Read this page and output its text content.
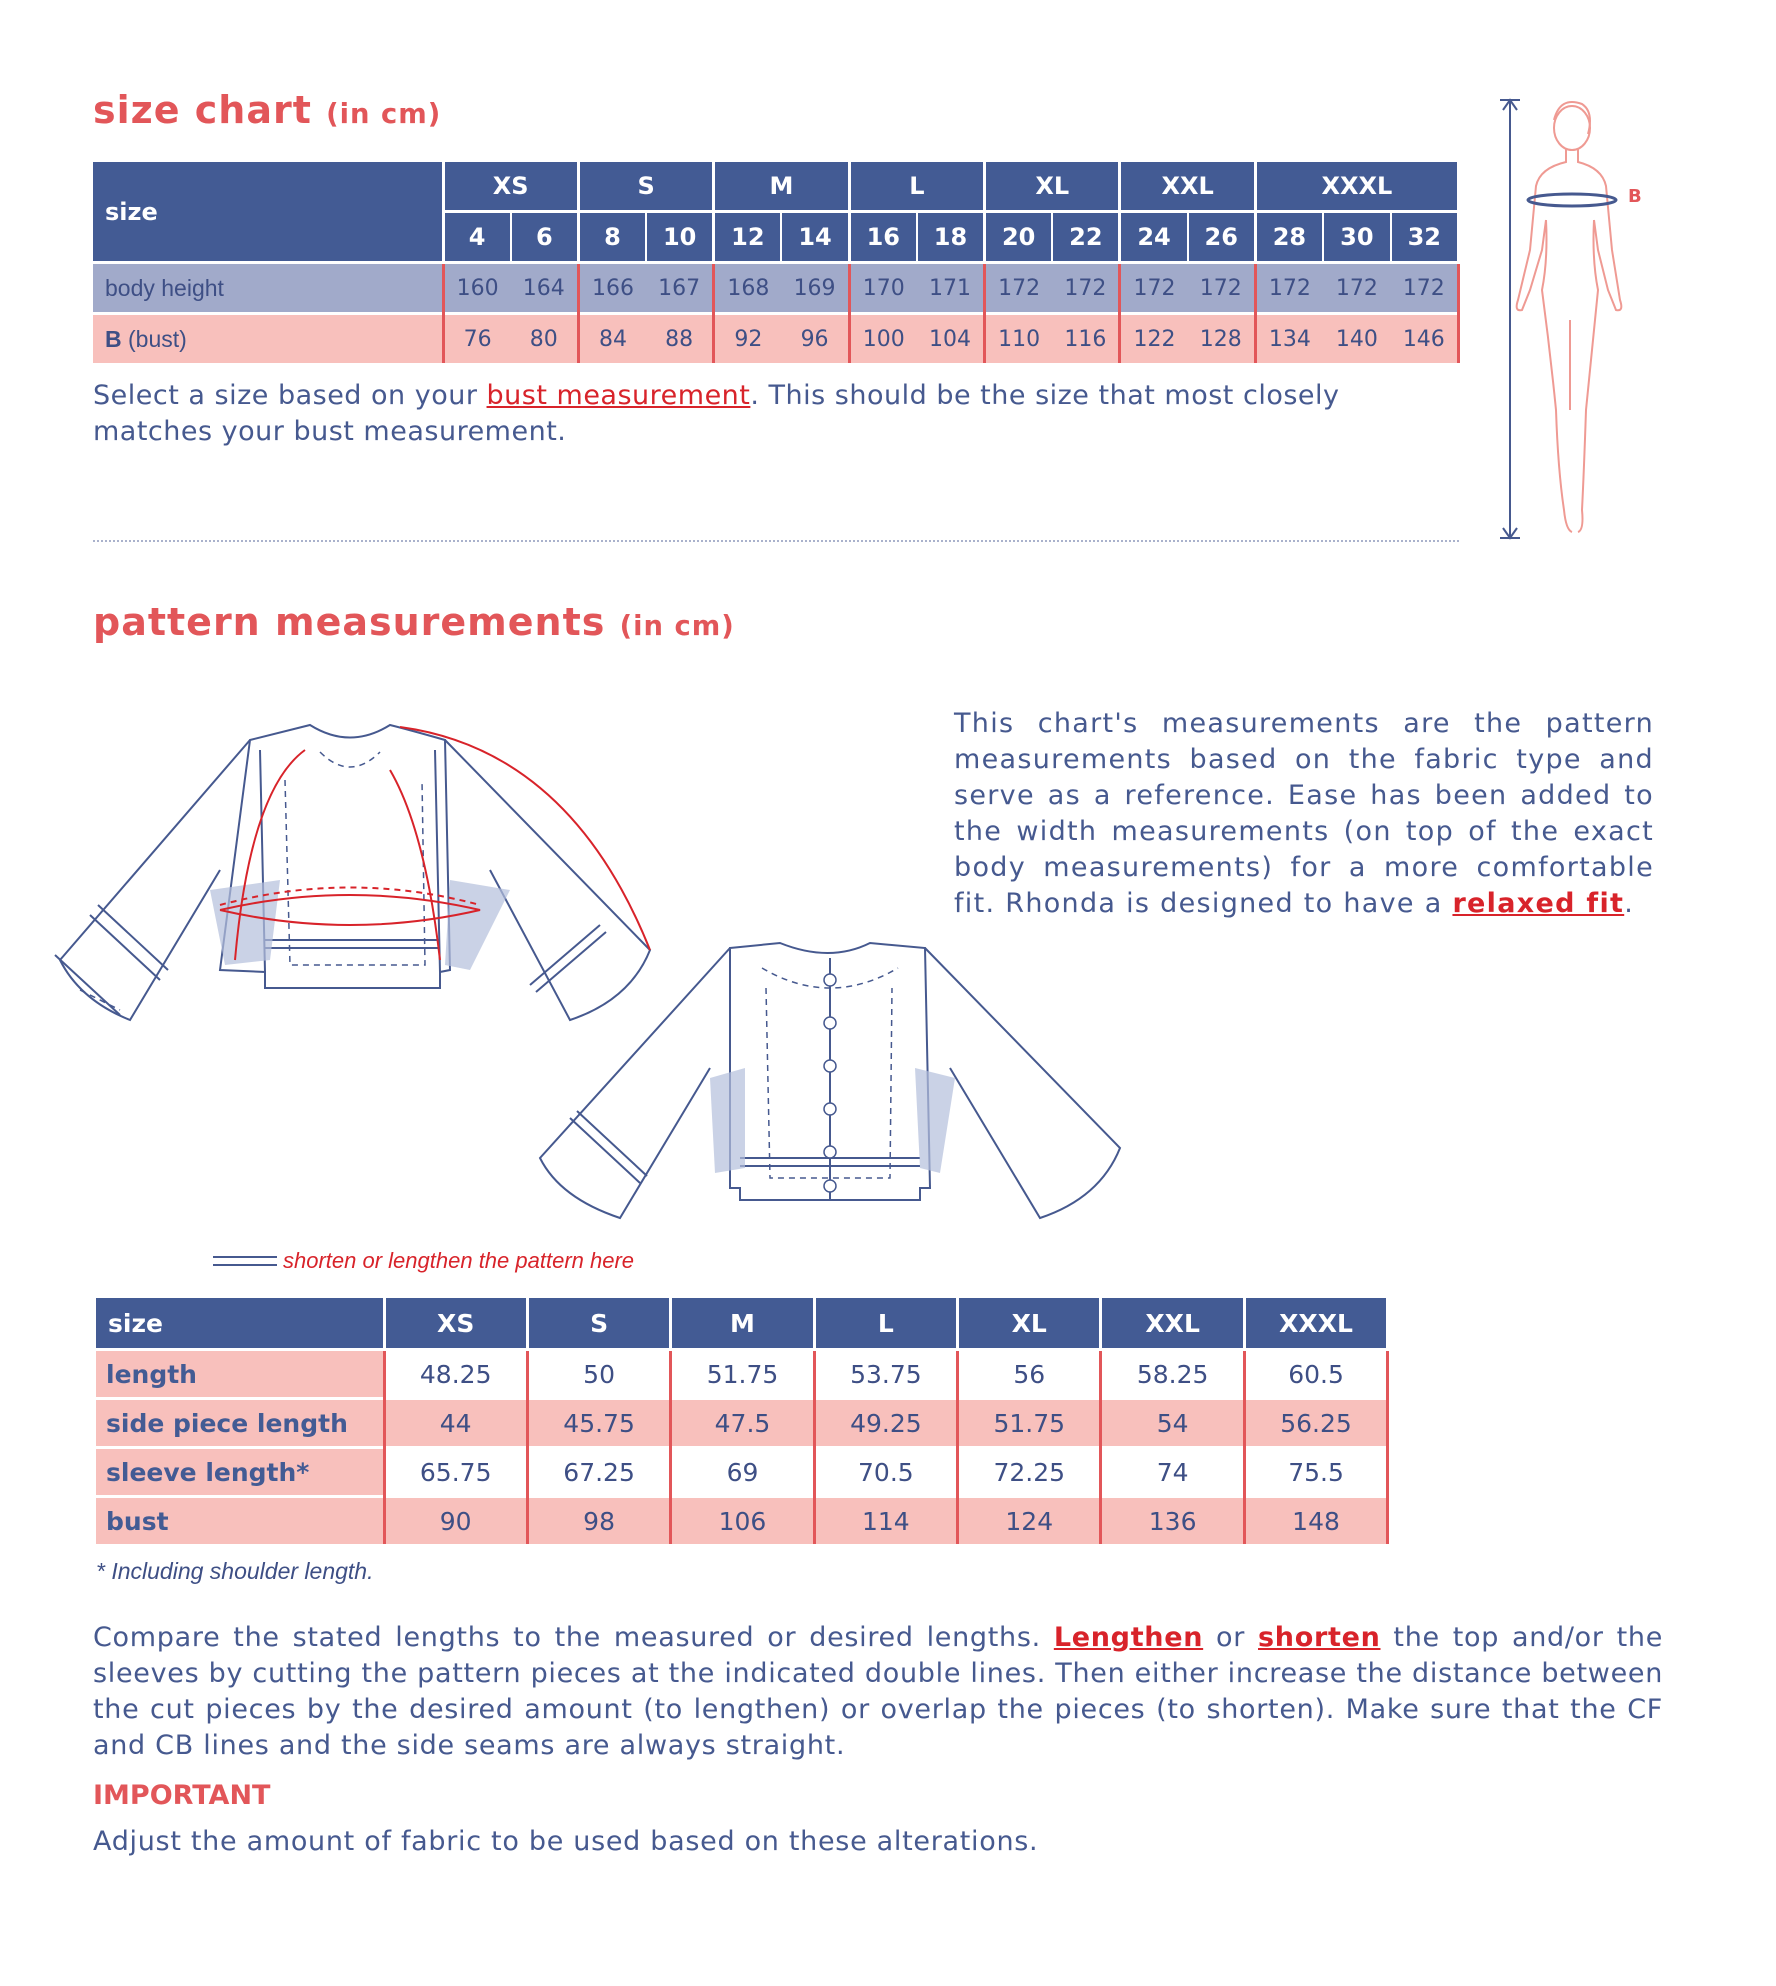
size chart (in cm)
size	XS		S		M		L		XL		XXL		XXXL		
	4	6	8	10	12	14	16	18	20	22	24	26	28	30	32
body height	160	164	166	167	168	169	170	171	172	172	172	172	172	172	172
B (bust)	76	80	84	88	92	96	100	104	110	116	122	128	134	140	146
Select a size based on your bust measurement. This should be the size that most closely matches your bust measurement.
B
pattern measurements (in cm)
This chart's measurements are the pattern measurements based on the fabric type and serve as a reference. Ease has been added to the width measurements (on top of the exact body measurements) for a more comfortable fit. Rhonda is designed to have a relaxed fit.
shorten or lengthen the pattern here
size	XS	S	M	L	XL	XXL	XXXL
length	48.25	50	51.75	53.75	56	58.25	60.5
side piece length	44	45.75	47.5	49.25	51.75	54	56.25
sleeve length*	65.75	67.25	69	70.5	72.25	74	75.5
bust	90	98	106	114	124	136	148
* Including shoulder length.
Compare the stated lengths to the measured or desired lengths. Lengthen or shorten the top and/or the sleeves by cutting the pattern pieces at the indicated double lines. Then either increase the distance between the cut pieces by the desired amount (to lengthen) or overlap the pieces (to shorten). Make sure that the CF and CB lines and the side seams are always straight.
IMPORTANT
Adjust the amount of fabric to be used based on these alterations.
